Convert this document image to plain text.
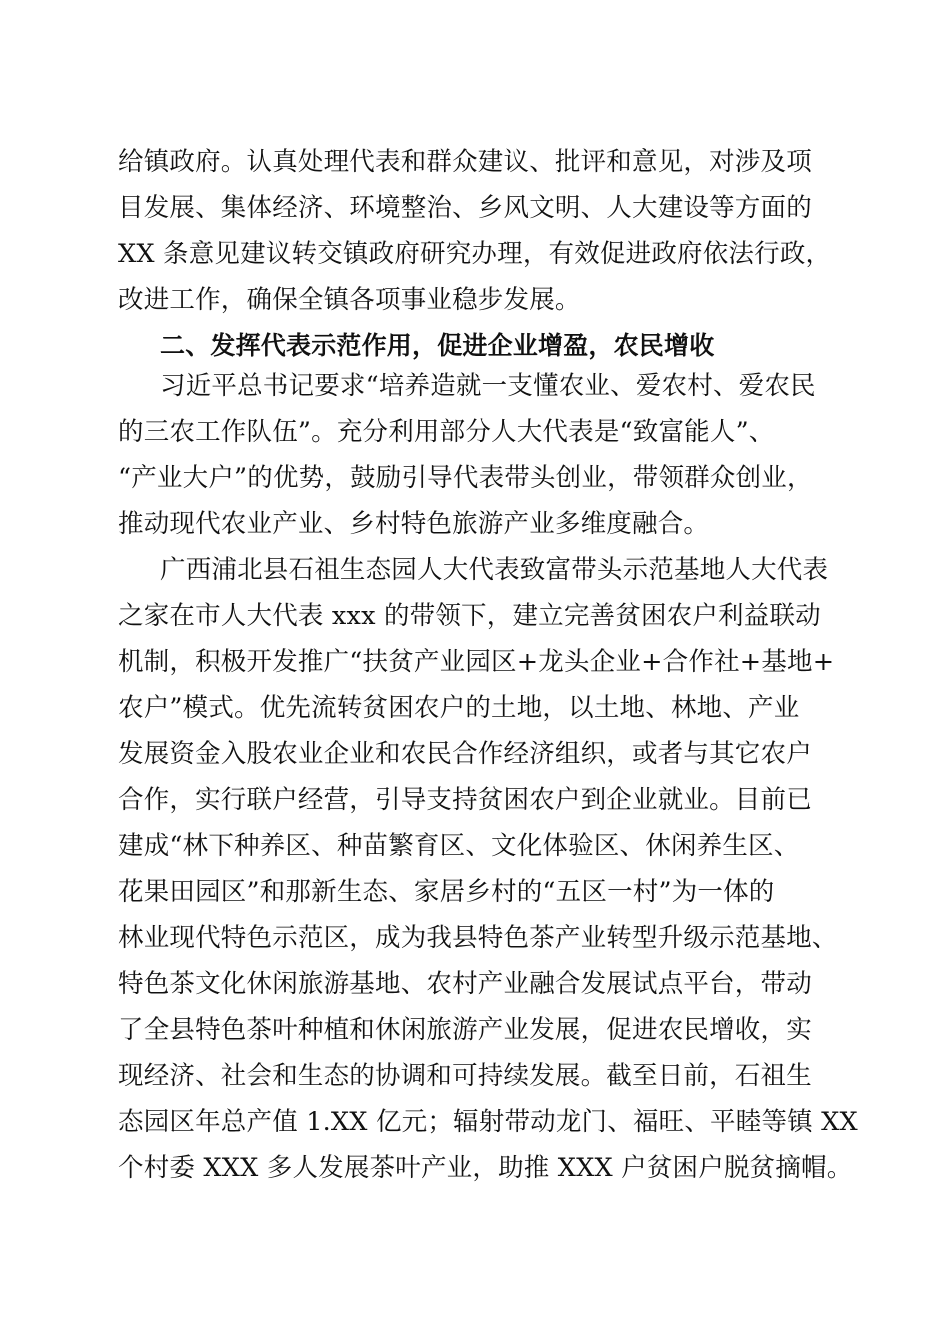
给镇政府。认真处理代表和群众建议、批评和意见，对涉及项
目发展、集体经济、环境整治、乡风文明、人大建设等方面的
XX 条意见建议转交镇政府研究办理，有效促进政府依法行政，
改进工作，确保全镇各项事业稳步发展。
二、发挥代表示范作用，促进企业增盈，农民增收
习近平总书记要求“培养造就一支懂农业、爱农村、爱农民
的三农工作队伍”。充分利用部分人大代表是“致富能人”、
“产业大户”的优势，鼓励引导代表带头创业，带领群众创业，
推动现代农业产业、乡村特色旅游产业多维度融合。
广西浦北县石祖生态园人大代表致富带头示范基地人大代表
之家在市人大代表 xxx 的带领下，建立完善贫困农户利益联动
机制，积极开发推广“扶贫产业园区+龙头企业+合作社+基地+
农户”模式。优先流转贫困农户的土地，以土地、林地、产业
发展资金入股农业企业和农民合作经济组织，或者与其它农户
合作，实行联户经营，引导支持贫困农户到企业就业。目前已
建成“林下种养区、种苗繁育区、文化体验区、休闲养生区、
花果田园区”和那新生态、家居乡村的“五区一村”为一体的
林业现代特色示范区，成为我县特色茶产业转型升级示范基地、
特色茶文化休闲旅游基地、农村产业融合发展试点平台，带动
了全县特色茶叶种植和休闲旅游产业发展，促进农民增收，实
现经济、社会和生态的协调和可持续发展。截至日前，石祖生
态园区年总产值 1.XX 亿元；辐射带动龙门、福旺、平睦等镇 XX
个村委 XXX 多人发展茶叶产业，助推 XXX 户贫困户脱贫摘帽。
